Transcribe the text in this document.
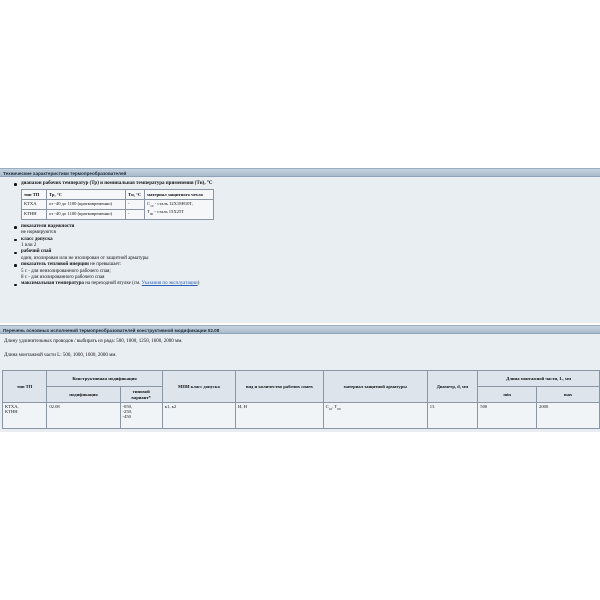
Технические характеристики термопреобразователей
диапазон рабочих температур (Тр) и номинальная температура применения (Тн), °С
тип ТП	Тр, °С	Тн, °С	материал защитного чехла
КТХА	от -40 до 1100 (кратковременно)	-	$С_{10}$ - сталь 12Х18Н10Т,
$Т_{00}$ - сталь 15Х25Т
КТНН	от -40 до 1100 (кратковременно)	-	
показатели надежности
не нормируются
класс допуска
1 или 2
рабочий спай
один, изолирован или не изолирован от защитной арматуры
показатель тепловой инерции не превышает:
5 с - для неизолированного рабочего спая;
8 с - для изолированного рабочего спая
максимальная температура на переходной втулке (см. Указания по эксплуатации)
Перечень основных исполнений термопреобразователей конструктивной модификации 02.08
Длину удлинительных проводов / выбирать из ряда: 500, 1000, 1250, 1600, 2000 мм.
Длина монтажной части L: 500, 1000, 1600, 2000 мм.
тип ТП	Конструктивная модификация		МПИ класс допуска	вид и количество рабочих спаев	материал защитной арматуры	Диаметр, d, мм	Длина монтажной части, L, мм	
	модификация	типовой вариант*					min	max
КТХА,
КТНН	02.08	-050,
-250,
-450	к1, к2	И, Н	$С_{10}$, $Т_{00}$	13	500	2000
